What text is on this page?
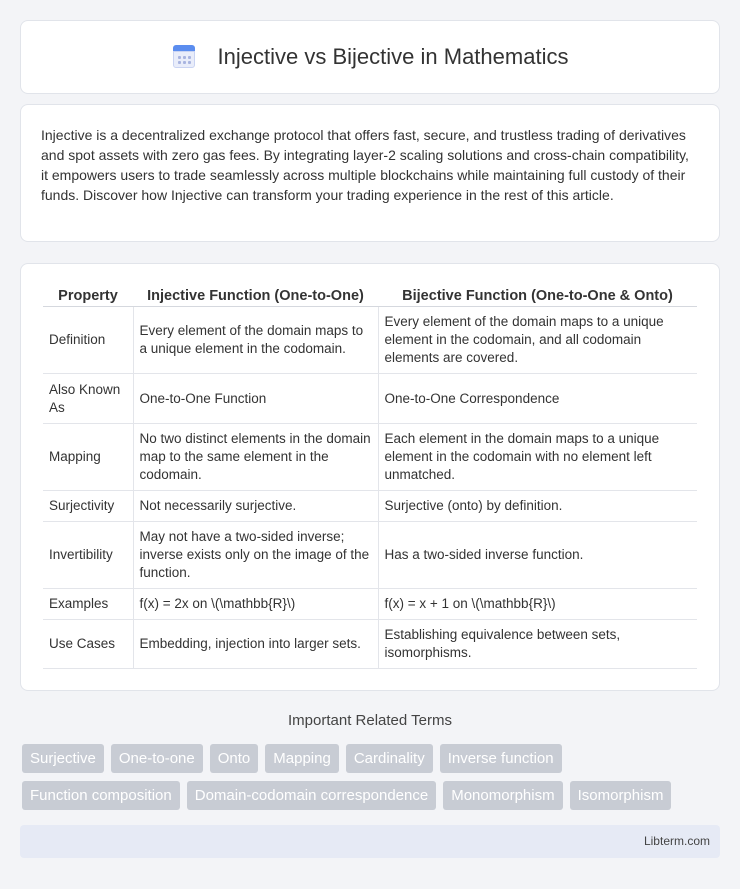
Injective vs Bijective in Mathematics

Injective is a decentralized exchange protocol that offers fast, secure, and trustless trading of derivatives and spot assets with zero gas fees. By integrating layer-2 scaling solutions and cross-chain compatibility, it empowers users to trade seamlessly across multiple blockchains while maintaining full custody of their funds. Discover how Injective can transform your trading experience in the rest of this article.

Property	Injective Function (One-to-One)	Bijective Function (One-to-One & Onto)
Definition	Every element of the domain maps to a unique element in the codomain.	Every element of the domain maps to a unique element in the codomain, and all codomain elements are covered.
Also Known As	One-to-One Function	One-to-One Correspondence
Mapping	No two distinct elements in the domain map to the same element in the codomain.	Each element in the domain maps to a unique element in the codomain with no element left unmatched.
Surjectivity	Not necessarily surjective.	Surjective (onto) by definition.
Invertibility	May not have a two-sided inverse; inverse exists only on the image of the function.	Has a two-sided inverse function.
Examples	f(x) = 2x on \(\mathbb{R}\)	f(x) = x + 1 on \(\mathbb{R}\)
Use Cases	Embedding, injection into larger sets.	Establishing equivalence between sets, isomorphisms.
Important Related Terms
Surjective	One-to-one	Onto	Mapping	Cardinality	Inverse function
Function composition	Domain-codomain correspondence	Monomorphism	Isomorphism
Libterm.com
